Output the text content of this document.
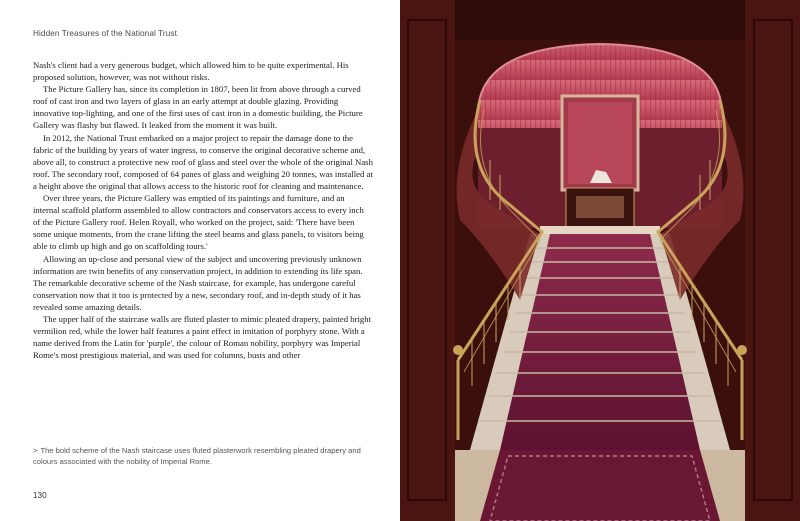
Hidden Treasures of the National Trust

Nash's client had a very generous budget, which allowed him to be quite experimental. His proposed solution, however, was not without risks.

The Picture Gallery has, since its completion in 1807, been lit from above through a curved roof of cast iron and two layers of glass in an early attempt at double glazing. Providing innovative top-lighting, and one of the first uses of cast iron in a domestic building, the Picture Gallery was flashy but flawed. It leaked from the moment it was built.

In 2012, the National Trust embarked on a major project to repair the damage done to the fabric of the building by years of water ingress, to conserve the original decorative scheme and, above all, to construct a protective new roof of glass and steel over the whole of the original Nash roof. The secondary roof, composed of 64 panes of glass and weighing 20 tonnes, was installed at a height above the original that allows access to the historic roof for cleaning and maintenance.

Over three years, the Picture Gallery was emptied of its paintings and furniture, and an internal scaffold platform assembled to allow contractors and conservators access to every inch of the Picture Gallery roof. Helen Royall, who worked on the project, said: 'There have been some unique moments, from the crane lifting the steel beams and glass panels, to visitors being able to climb up high and go on scaffolding tours.'

Allowing an up-close and personal view of the subject and uncovering previously unknown information are twin benefits of any conservation project, in addition to extending its life span. The remarkable decorative scheme of the Nash staircase, for example, has undergone careful conservation now that it too is protected by a new, secondary roof, and in-depth study of it has revealed some amazing details.

The upper half of the staircase walls are fluted plaster to mimic pleated drapery, painted bright vermilion red, while the lower half features a paint effect in imitation of porphyry stone. With a name derived from the Latin for 'purple', the colour of Roman nobility, porphyry was Imperial Rome's most prestigious material, and was used for columns, busts and other

> The bold scheme of the Nash staircase uses fluted plasterwork resembling pleated drapery and colours associated with the nobility of Imperial Rome.
130
